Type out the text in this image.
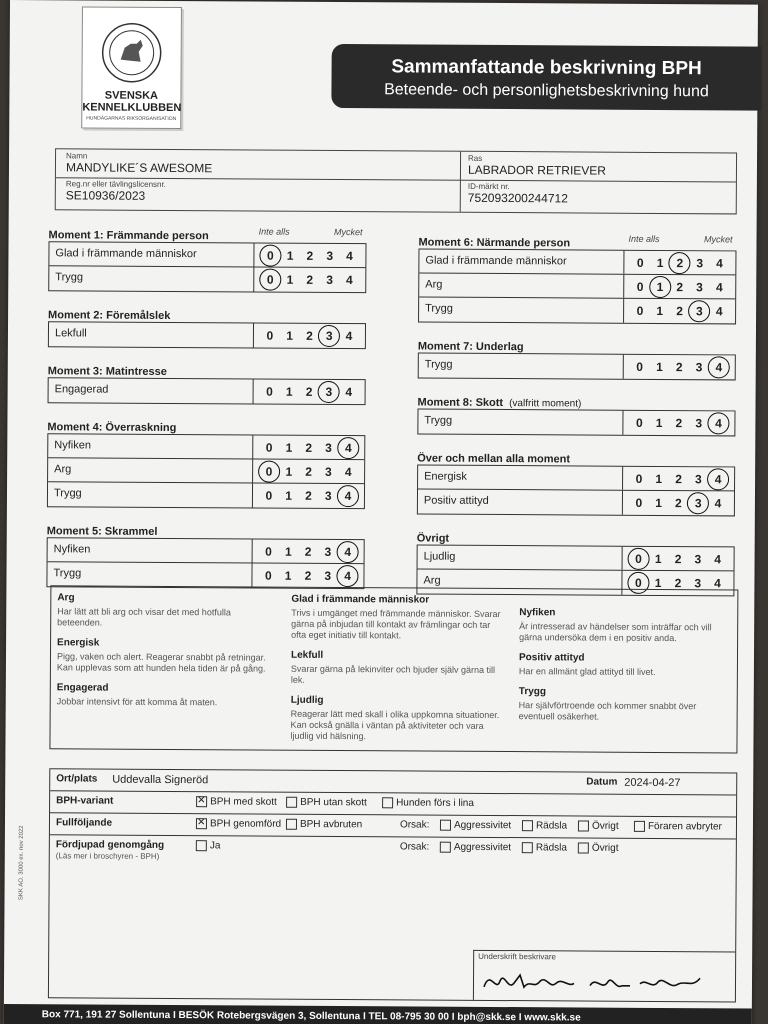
SVENSKA
KENNELKLUBBEN
HUNDÄGARNAS RIKSORGANISATION
Sammanfattande beskrivning BPH
Beteende- och personlighetsbeskrivning hund
Namn
MANDYLIKE´S AWESOME
Ras
LABRADOR RETRIEVER
Reg.nr eller tävlingslicensnr.
SE10936/2023
ID-märkt nr.
752093200244712
Moment 1: Främmande person	Inte alls	Mycket
Glad i främmande människor	0	1	2	3	4
Trygg	0	1	2	3	4
Moment 2: Föremålslek
Lekfull	0	1	2	3	4
Moment 3: Matintresse
Engagerad	0	1	2	3	4
Moment 4: Överraskning
Nyfiken	0	1	2	3	4
Arg	0	1	2	3	4
Trygg	0	1	2	3	4
Moment 5: Skrammel
Nyfiken	0	1	2	3	4
Trygg	0	1	2	3	4
Moment 6: Närmande person	Inte alls	Mycket
Glad i främmande människor	0	1	2	3	4
Arg	0	1	2	3	4
Trygg	0	1	2	3	4
Moment 7: Underlag
Trygg	0	1	2	3	4
Moment 8: Skott (valfritt moment)
Trygg	0	1	2	3	4
Över och mellan alla moment
Energisk	0	1	2	3	4
Positiv attityd	0	1	2	3	4
Övrigt
Ljudlig	0	1	2	3	4
Arg	0	1	2	3	4
Arg
Har lätt att bli arg och visar det med hotfulla beteenden.
Energisk
Pigg, vaken och alert. Reagerar snabbt på retningar. Kan upplevas som att hunden hela tiden är på gång.
Engagerad
Jobbar intensivt för att komma åt maten.
Glad i främmande människor
Trivs i umgänget med främmande människor. Svarar gärna på inbjudan till kontakt av främlingar och tar ofta eget initiativ till kontakt.
Lekfull
Svarar gärna på lekinviter och bjuder själv gärna till lek.
Ljudlig
Reagerar lätt med skall i olika uppkomna situationer. Kan också gnälla i väntan på aktiviteter och vara ljudlig vid hälsning.
Nyfiken
Är intresserad av händelser som inträffar och vill gärna undersöka dem i en positiv anda.
Positiv attityd
Har en allmänt glad attityd till livet.
Trygg
Har självförtroende och kommer snabbt över eventuell osäkerhet.
Ort/plats Uddevalla Signeröd	Datum 2024-04-27
BPH-variant ✕	BPH med skott	BPH utan skott	Hunden förs i lina
Fullföljande ✕	BPH genomförd	BPH avbruten	Orsak:	Aggressivitet	Rädsla	Övrigt	Föraren avbryter
Fördjupad genomgång
(Läs mer i broschyren - BPH)
Ja	Orsak:	Aggressivitet	Rädsla	Övrigt
Underskrift beskrivare
SKK AO. 3000 ex. nov 2022
Box 771, 191 27 Sollentuna I BESÖK Rotebergsvägen 3, Sollentuna I TEL 08-795 30 00 I bph@skk.se I www.skk.se
